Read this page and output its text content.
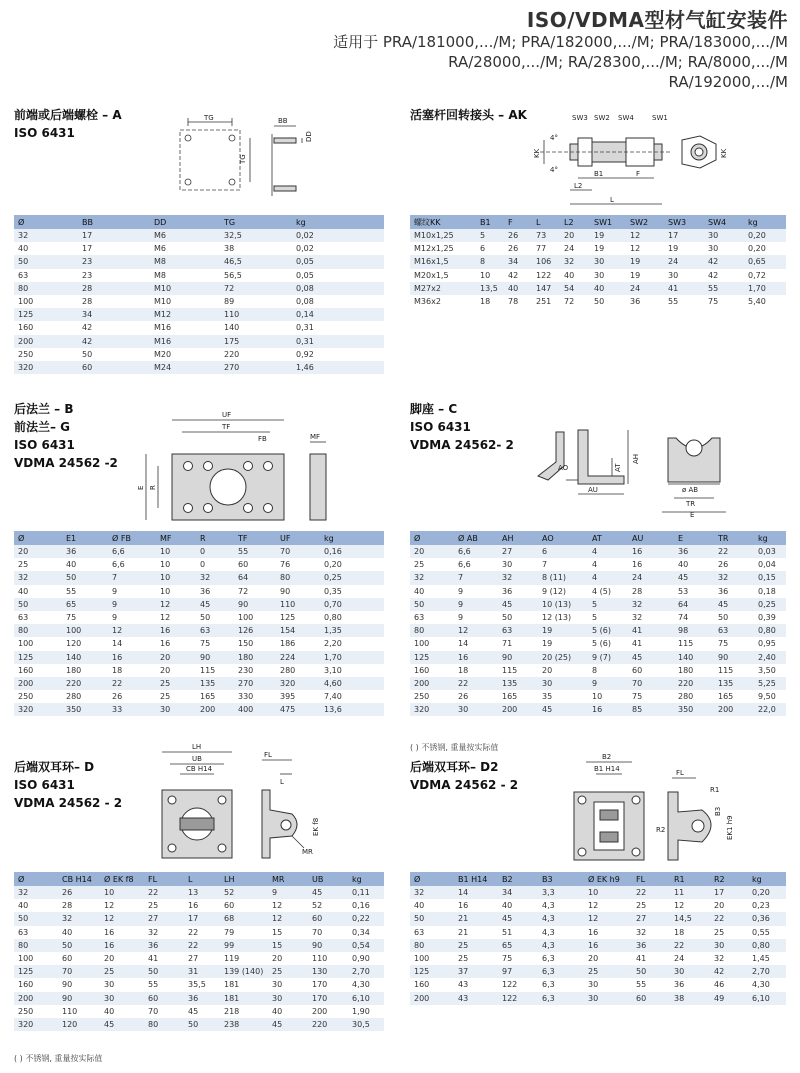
ISO/VDMA型材气缸安装件
适用于 PRA/181000,.../M; PRA/182000,.../M; PRA/183000,.../M
RA/28000,.../M; RA/28300,.../M; RA/8000,.../M
RA/192000,.../M
前端或后端螺栓 – A
ISO 6431
TG
TG
BB
DD
Ø	BB	DD	TG	kg
32	17	M6	32,5	0,02
40	17	M6	38	0,02
50	23	M8	46,5	0,05
63	23	M8	56,5	0,05
80	28	M10	72	0,08
100	28	M10	89	0,08
125	34	M12	110	0,14
160	42	M16	140	0,31
200	42	M16	175	0,31
250	50	M20	220	0,92
320	60	M24	270	1,46
活塞杆回转接头 – AK	SW3 SW2 SW4	SW1
KK
4°
4°	B1	F
L2
L
KK
螺纹KK	B1	F	L	L2	SW1	SW2	SW3	SW4	kg
M10x1,25	5	26	73	20	19	12	17	30	0,20
M12x1,25	6	26	77	24	19	12	19	30	0,20
M16x1,5	8	34	106	32	30	19	24	42	0,65
M20x1,5	10	42	122	40	30	19	30	42	0,72
M27x2	13,5	40	147	54	40	24	41	55	1,70
M36x2	18	78	251	72	50	36	55	75	5,40
后法兰 – B
前法兰– G
ISO 6431
VDMA 24562 -2
UF
TF
FB
E R
MF
Ø	E1	Ø FB	MF	R	TF	UF	kg
20	36	6,6	10	0	55	70	0,16
25	40	6,6	10	0	60	76	0,20
32	50	7	10	32	64	80	0,25
40	55	9	10	36	72	90	0,35
50	65	9	12	45	90	110	0,70
63	75	9	12	50	100	125	0,80
80	100	12	16	63	126	154	1,35
100	120	14	16	75	150	186	2,20
125	140	16	20	90	180	224	1,70
160	180	18	20	115	230	280	3,10
200	220	22	25	135	270	320	4,60
250	280	26	25	165	330	395	7,40
320	350	33	30	200	400	475	13,6
脚座 – C
ISO 6431
VDMA 24562- 2
AH
AT
AO
AU	ø AB
TR
E
Ø	Ø AB	AH	AO	AT	AU	E	TR	kg
20	6,6	27	6	4	16	36	22	0,03
25	6,6	30	7	4	16	40	26	0,04
32	7	32	8 (11)	4	24	45	32	0,15
40	9	36	9 (12)	4 (5)	28	53	36	0,18
50	9	45	10 (13)	5	32	64	45	0,25
63	9	50	12 (13)	5	32	74	50	0,39
80	12	63	19	5 (6)	41	98	63	0,80
100	14	71	19	5 (6)	41	115	75	0,95
125	16	90	20 (25)	9 (7)	45	140	90	2,40
160	18	115	20	8	60	180	115	3,50
200	22	135	30	9	70	220	135	5,25
250	26	165	35	10	75	280	165	9,50
320	30	200	45	16	85	350	200	22,0
( ) 不锈钢, 重量按实际值
后端双耳环– D
ISO 6431
VDMA 24562 - 2
LH
UB
CB H14
FL
L
EK f8
MR
Ø	CB H14	Ø EK f8	FL	L	LH	MR	UB	kg
32	26	10	22	13	52	9	45	0,11
40	28	12	25	16	60	12	52	0,16
50	32	12	27	17	68	12	60	0,22
63	40	16	32	22	79	15	70	0,34
80	50	16	36	22	99	15	90	0,54
100	60	20	41	27	119	20	110	0,90
125	70	25	50	31	139 (140)	25	130	2,70
160	90	30	55	35,5	181	30	170	4,30
200	90	30	60	36	181	30	170	6,10
250	110	40	70	45	218	40	200	1,90
320	120	45	80	50	238	45	220	30,5
( ) 不锈钢, 重量按实际值
后端双耳环– D2
VDMA 24562 - 2
B2
B1 H14	FL
R1
B3
EK1 h9
R2
Ø	B1 H14	B2	B3	Ø EK h9	FL	R1	R2	kg
32	14	34	3,3	10	22	11	17	0,20
40	16	40	4,3	12	25	12	20	0,23
50	21	45	4,3	12	27	14,5	22	0,36
63	21	51	4,3	16	32	18	25	0,55
80	25	65	4,3	16	36	22	30	0,80
100	25	75	6,3	20	41	24	32	1,45
125	37	97	6,3	25	50	30	42	2,70
160	43	122	6,3	30	55	36	46	4,30
200	43	122	6,3	30	60	38	49	6,10
